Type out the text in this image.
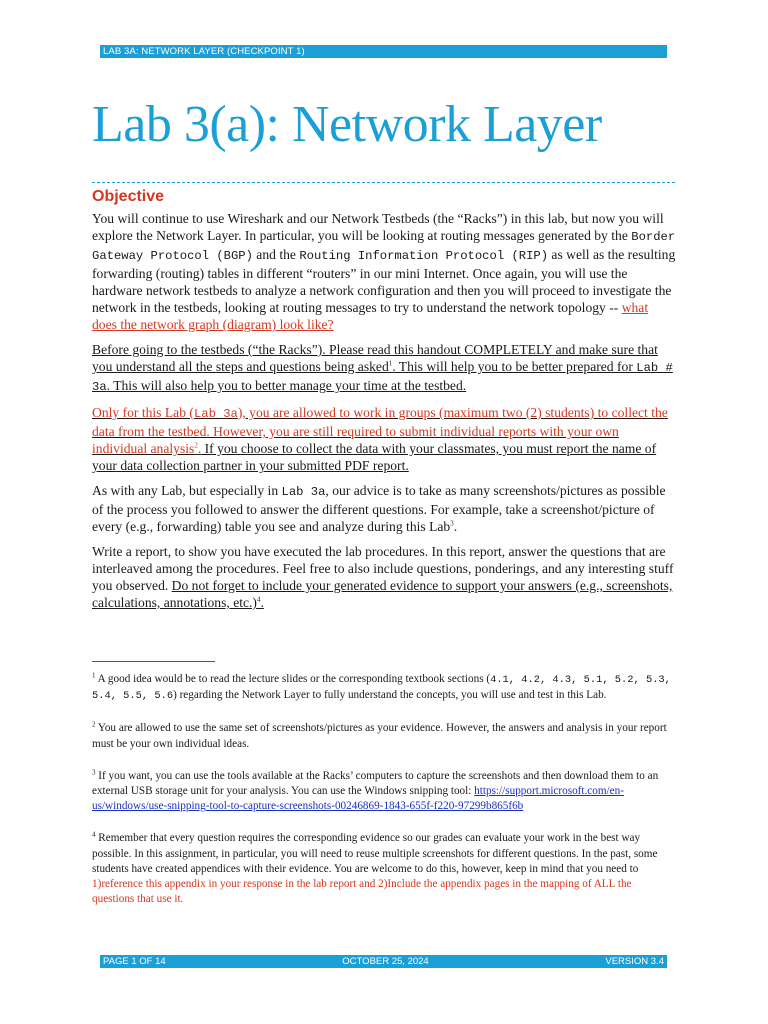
LAB 3A: NETWORK LAYER (CHECKPOINT 1)
Lab 3(a): Network Layer
Objective

You will continue to use Wireshark and our Network Testbeds (the “Racks”) in this lab, but now you will explore the Network Layer. In particular, you will be looking at routing messages generated by the Border Gateway Protocol (BGP) and the Routing Information Protocol (RIP) as well as the resulting forwarding (routing) tables in different “routers” in our mini Internet. Once again, you will use the hardware network testbeds to analyze a network configuration and then you will proceed to investigate the network in the testbeds, looking at routing messages to try to understand the network topology -- what does the network graph (diagram) look like?

Before going to the testbeds (“the Racks”). Please read this handout COMPLETELY and make sure that you understand all the steps and questions being asked$^1$. This will help you to be better prepared for Lab # 3a. This will also help you to better manage your time at the testbed.

Only for this Lab (Lab 3a), you are allowed to work in groups (maximum two (2) students) to collect the data from the testbed. However, you are still required to submit individual reports with your own individual analysis$^2$. If you choose to collect the data with your classmates, you must report the name of your data collection partner in your submitted PDF report.

As with any Lab, but especially in Lab 3a, our advice is to take as many screenshots/pictures as possible of the process you followed to answer the different questions. For example, take a screenshot/picture of every (e.g., forwarding) table you see and analyze during this Lab$^3$.

Write a report, to show you have executed the lab procedures. In this report, answer the questions that are interleaved among the procedures. Feel free to also include questions, ponderings, and any interesting stuff you observed. Do not forget to include your generated evidence to support your answers (e.g., screenshots, calculations, annotations, etc.)$^4$.

$^1$ A good idea would be to read the lecture slides or the corresponding textbook sections (4.1, 4.2, 4.3, 5.1, 5.2, 5.3, 5.4, 5.5, 5.6) regarding the Network Layer to fully understand the concepts, you will use and test in this Lab.

$^2$ You are allowed to use the same set of screenshots/pictures as your evidence. However, the answers and analysis in your report must be your own individual ideas.

$^3$ If you want, you can use the tools available at the Racks’ computers to capture the screenshots and then download them to an external USB storage unit for your analysis. You can use the Windows snipping tool: https://support.microsoft.com/en-us/windows/use-snipping-tool-to-capture-screenshots-00246869-1843-655f-f220-97299b865f6b

$^4$ Remember that every question requires the corresponding evidence so our grades can evaluate your work in the best way possible. In this assignment, in particular, you will need to reuse multiple screenshots for different questions. In the past, some students have created appendices with their evidence. You are welcome to do this, however, keep in mind that you need to 1)reference this appendix in your response in the lab report and 2)Include the appendix pages in the mapping of ALL the questions that use it.

PAGE 1 OF 14	OCTOBER 25, 2024	VERSION 3.4
